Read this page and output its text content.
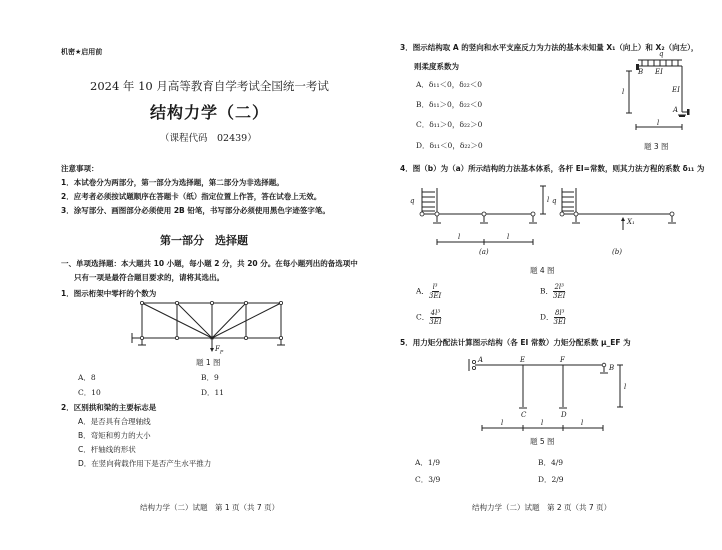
机密★启用前
2024 年 10 月高等教育自学考试全国统一考试
结构力学（二）
（课程代码　02439）
注意事项：
1．本试卷分为两部分，第一部分为选择题，第二部分为非选择题。
2．应考者必须按试题顺序在答题卡（纸）指定位置上作答，答在试卷上无效。
3．涂写部分、画图部分必须使用 2B 铅笔，书写部分必须使用黑色字迹签字笔。
第一部分　选择题
一、单项选择题：本大题共 10 小题，每小题 2 分，共 20 分。在每小题列出的备选项中
只有一项是最符合题目要求的，请将其选出。
1．图示桁架中零杆的个数为
$F_P$
题 1 图
A．8	B．9
C．10	D．11
2．区别拱和梁的主要标志是
A．是否具有合理轴线
B．弯矩和剪力的大小
C．杆轴线的形状
D．在竖向荷载作用下是否产生水平推力
结构力学（二）试题　第 1 页（共 7 页）
3．图示结构取 A 的竖向和水平支座反力为力法的基本未知量 X₁（向上）和 X₂（向左），
则柔度系数为
A．δ₁₁＜0，δ₂₂＜0
B．δ₁₁＞0，δ₂₂＜0
C．δ₁₁＞0，δ₂₂＞0
D．δ₁₁＜0，δ₂₂＞0
q
B EI
EI
A
l
l
题 3 图
4．图（b）为（a）所示结构的力法基本体系，各杆 EI=常数，则其力法方程的系数 δ₁₁ 为
q
l	l
l
(a)
q
X₁
(b)
题 4 图
A． $\frac{\text{l³}}{3EI}$	B． $\frac{\text{2l³}}{3EI}$
C． $\frac{\text{4l³}}{3EI}$	D． $\frac{\text{8l³}}{3EI}$
5．用力矩分配法计算图示结构（各 EI 常数）力矩分配系数 μ_EF 为
A	E	F
B
C	D
l	l	l
l
题 5 图
A．1/9	B．4/9
C．3/9	D．2/9
结构力学（二）试题　第 2 页（共 7 页）
